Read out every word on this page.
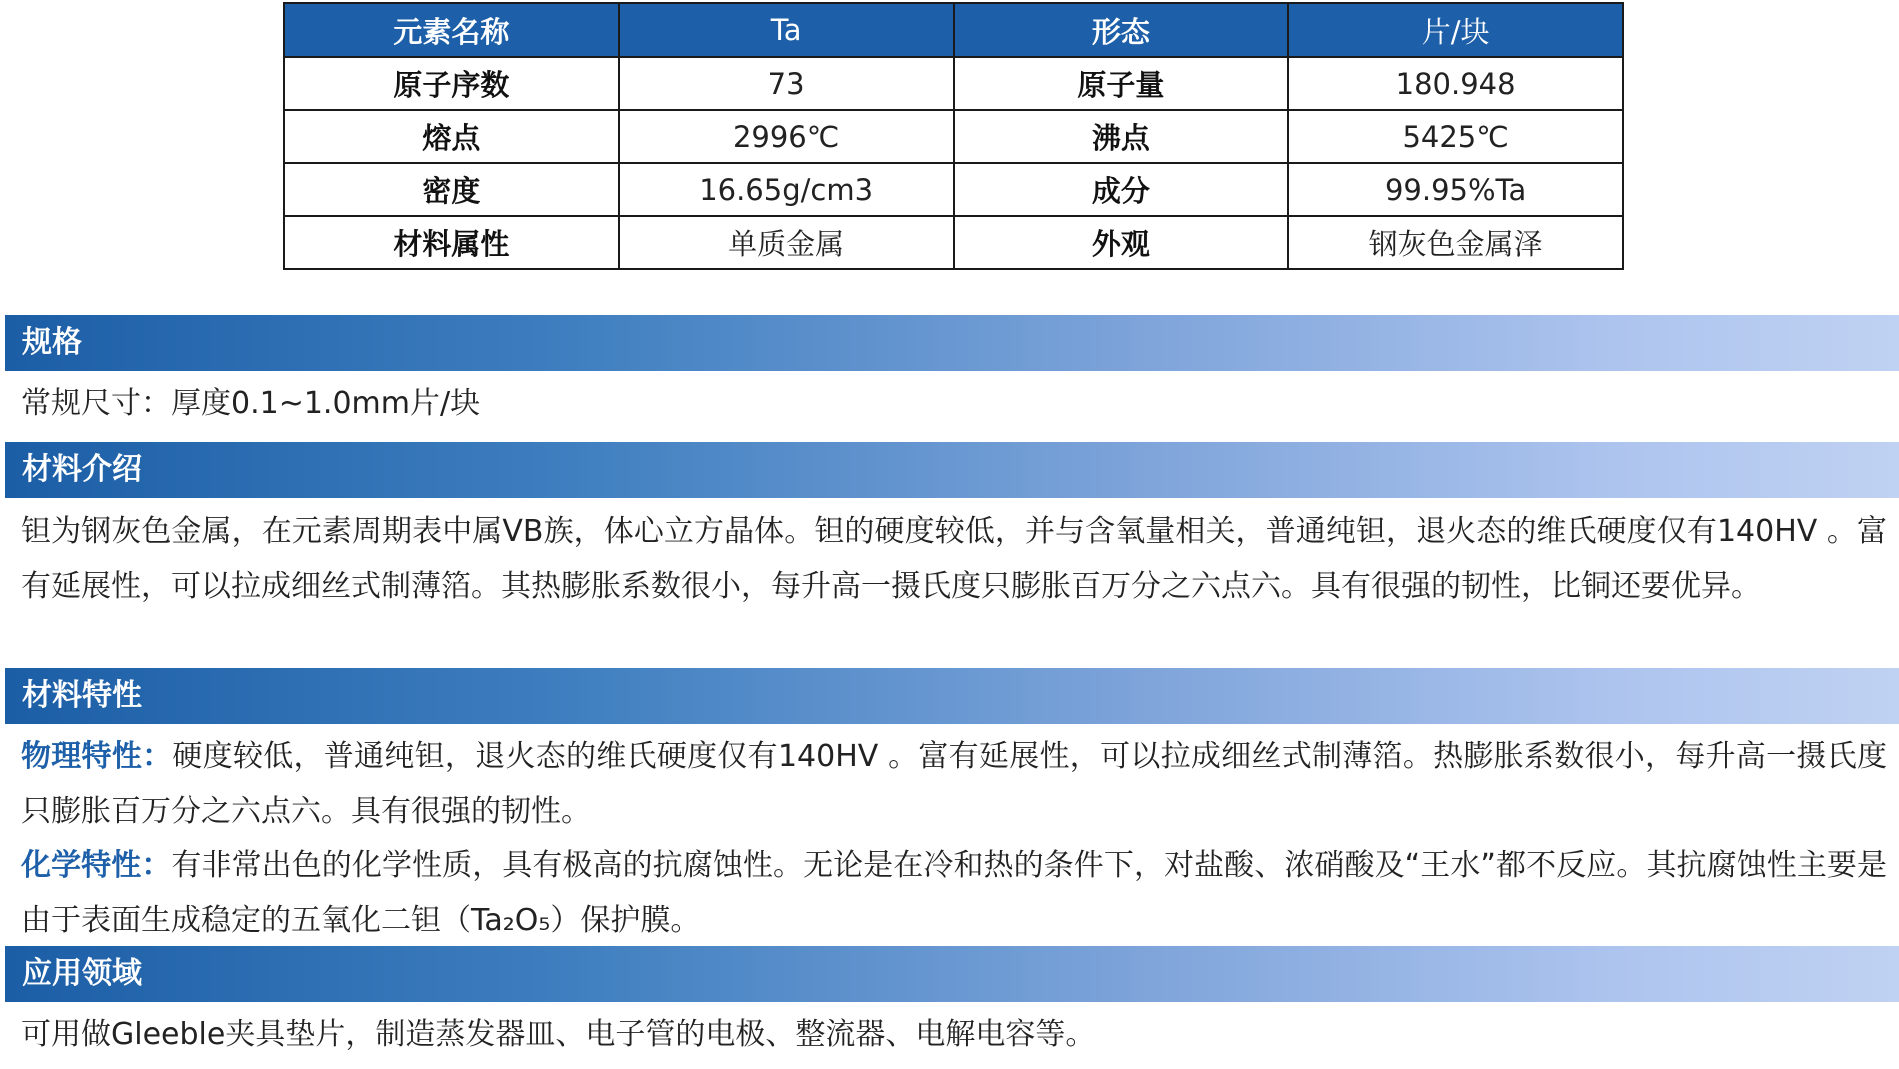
元素名称	Ta	形态	片/块
原子序数	73	原子量	180.948
熔点	2996℃	沸点	5425℃
密度	16.65g/cm3	成分	99.95%Ta
材料属性	单质金属	外观	钢灰色金属泽
规格

常规尺寸：厚度0.1~1.0mm片/块

材料介绍

钽为钢灰色金属，在元素周期表中属VB族，体心立方晶体。钽的硬度较低，并与含氧量相关，普通纯钽，退火态的维氏硬度仅有140HV 。富有延展性，可以拉成细丝式制薄箔。其热膨胀系数很小，每升高一摄氏度只膨胀百万分之六点六。具有很强的韧性，比铜还要优异。

材料特性

物理特性：硬度较低，普通纯钽，退火态的维氏硬度仅有140HV 。富有延展性，可以拉成细丝式制薄箔。热膨胀系数很小，每升高一摄氏度只膨胀百万分之六点六。具有很强的韧性。

化学特性：有非常出色的化学性质，具有极高的抗腐蚀性。无论是在冷和热的条件下，对盐酸、浓硝酸及“王水”都不反应。其抗腐蚀性主要是由于表面生成稳定的五氧化二钽（Ta₂O₅）保护膜。

应用领域

可用做Gleeble夹具垫片，制造蒸发器皿、电子管的电极、整流器、电解电容等。
